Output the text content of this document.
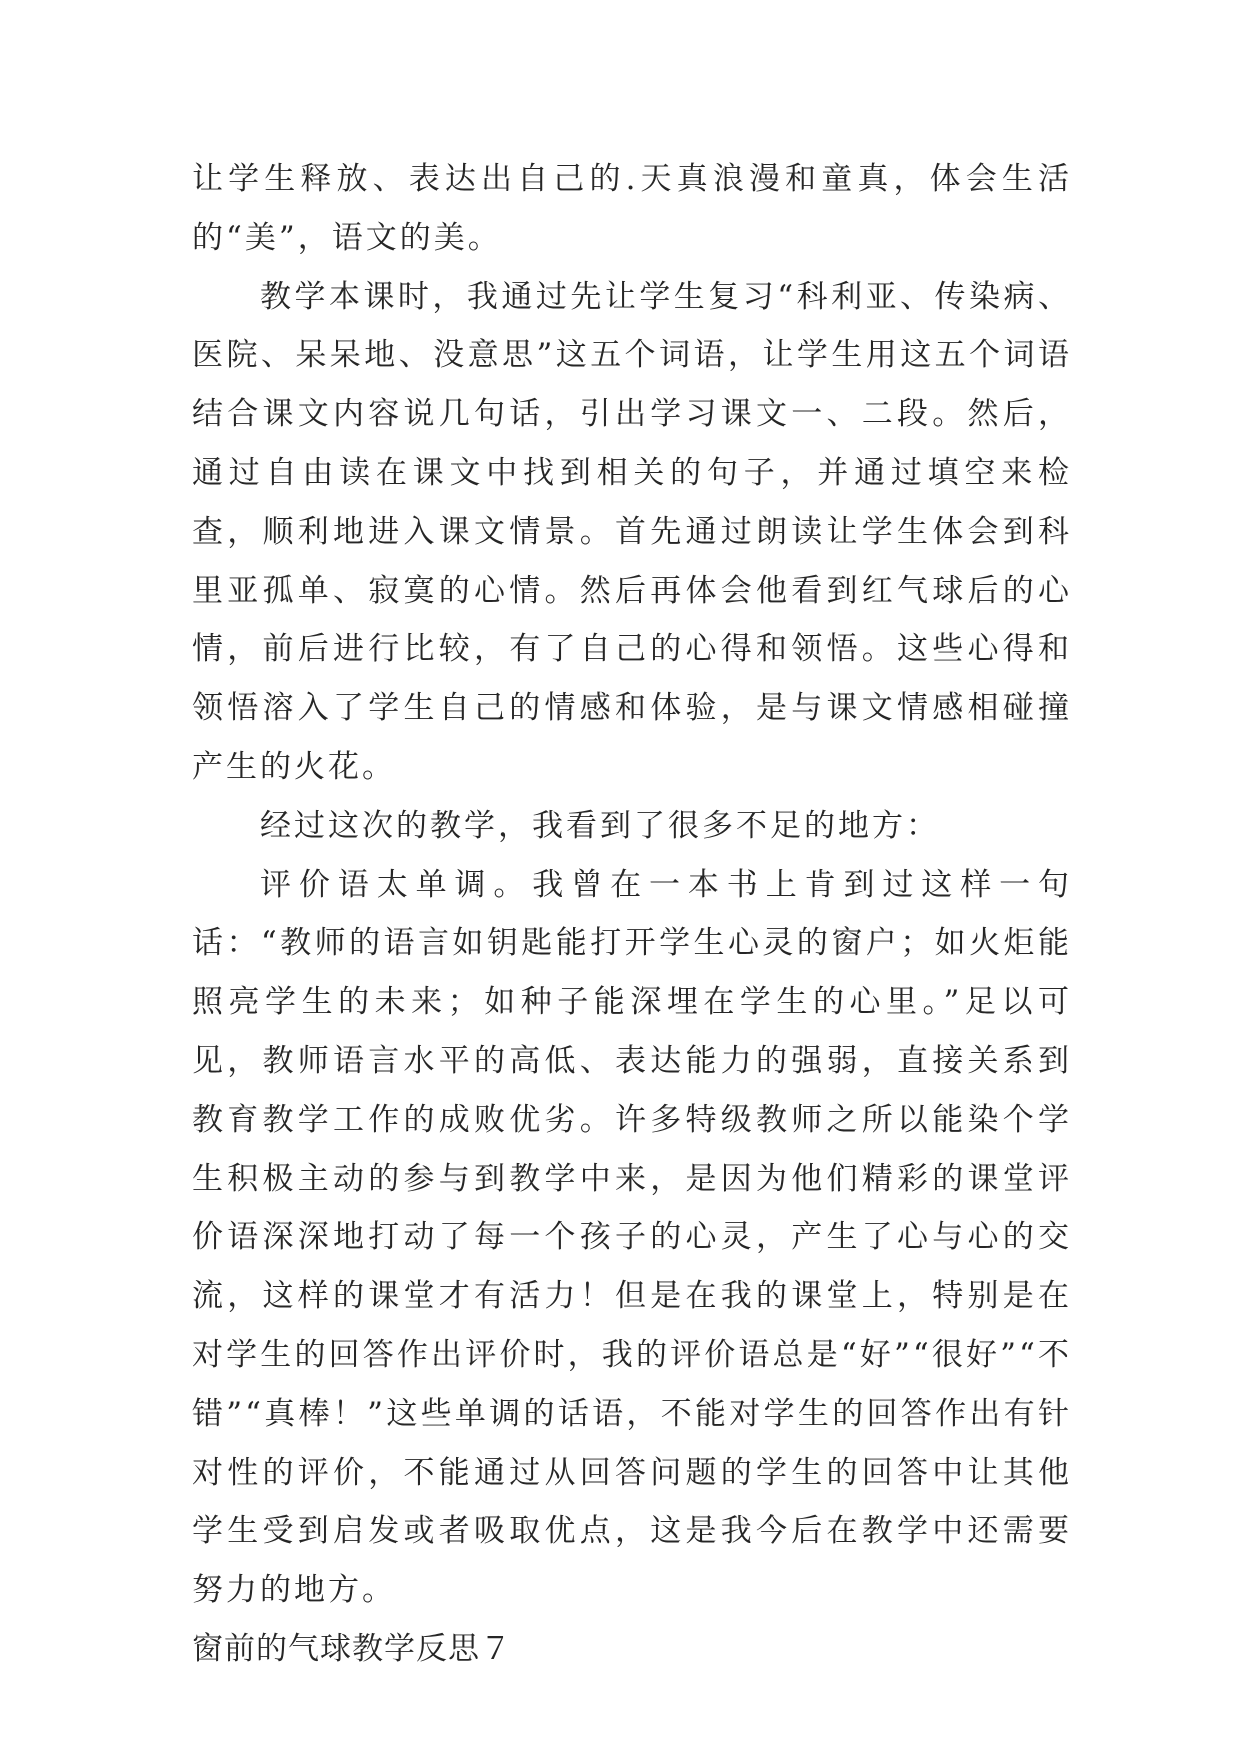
让学生释放、表达出自己的.天真浪漫和童真，体会生活的“美”，语文的美。

教学本课时，我通过先让学生复习“科利亚、传染病、医院、呆呆地、没意思”这五个词语，让学生用这五个词语结合课文内容说几句话，引出学习课文一、二段。然后，通过自由读在课文中找到相关的句子，并通过填空来检查，顺利地进入课文情景。首先通过朗读让学生体会到科里亚孤单、寂寞的心情。然后再体会他看到红气球后的心情，前后进行比较，有了自己的心得和领悟。这些心得和领悟溶入了学生自己的情感和体验，是与课文情感相碰撞产生的火花。

经过这次的教学，我看到了很多不足的地方：

评价语太单调。我曾在一本书上肯到过这样一句话：“教师的语言如钥匙能打开学生心灵的窗户；如火炬能照亮学生的未来；如种子能深埋在学生的心里。”足以可见，教师语言水平的高低、表达能力的强弱，直接关系到教育教学工作的成败优劣。许多特级教师之所以能染个学生积极主动的参与到教学中来，是因为他们精彩的课堂评价语深深地打动了每一个孩子的心灵，产生了心与心的交流，这样的课堂才有活力！但是在我的课堂上，特别是在对学生的回答作出评价时，我的评价语总是“好”“很好”“不错”“真棒！”这些单调的话语，不能对学生的回答作出有针对性的评价，不能通过从回答问题的学生的回答中让其他学生受到启发或者吸取优点，这是我今后在教学中还需要努力的地方。

窗前的气球教学反思７
